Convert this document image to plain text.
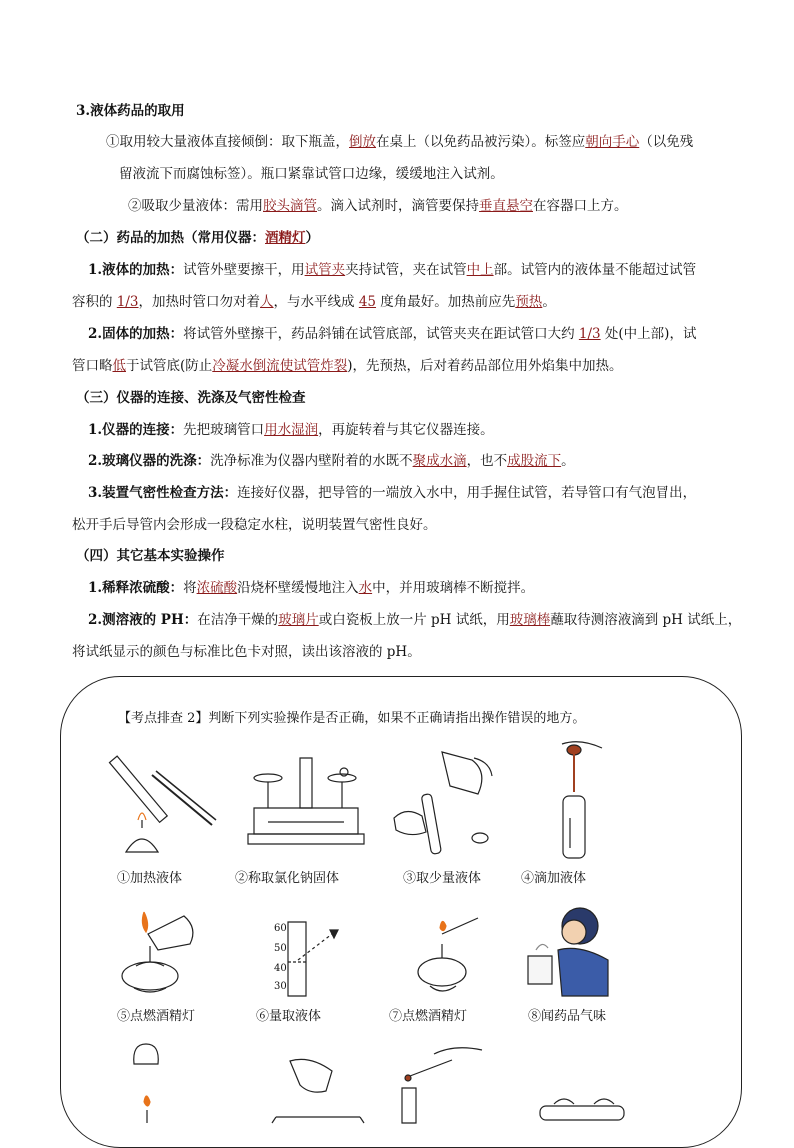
3.液体药品的取用
①取用较大量液体直接倾倒：取下瓶盖，倒放在桌上（以免药品被污染）。标签应朝向手心（以免残
留液流下而腐蚀标签）。瓶口紧靠试管口边缘，缓缓地注入试剂。
②吸取少量液体：需用胶头滴管。滴入试剂时，滴管要保持垂直悬空在容器口上方。
（二）药品的加热（常用仪器：酒精灯）
1.液体的加热：试管外壁要擦干，用试管夹夹持试管，夹在试管中上部。试管内的液体量不能超过试管
容积的 1/3，加热时管口勿对着人，与水平线成 45 度角最好。加热前应先预热。
2.固体的加热：将试管外壁擦干，药品斜铺在试管底部，试管夹夹在距试管口大约 1/3 处(中上部)，试
管口略低于试管底(防止冷凝水倒流使试管炸裂)，先预热，后对着药品部位用外焰集中加热。
（三）仪器的连接、洗涤及气密性检查
1.仪器的连接：先把玻璃管口用水湿润，再旋转着与其它仪器连接。
2.玻璃仪器的洗涤：洗净标准为仪器内壁附着的水既不聚成水滴，也不成股流下。
3.装置气密性检查方法：连接好仪器，把导管的一端放入水中，用手握住试管，若导管口有气泡冒出，
松开手后导管内会形成一段稳定水柱，说明装置气密性良好。
（四）其它基本实验操作
1.稀释浓硫酸：将浓硫酸沿烧杯壁缓慢地注入水中，并用玻璃棒不断搅拌。
2.测溶液的 PH：在洁净干燥的玻璃片或白瓷板上放一片 pH 试纸，用玻璃棒蘸取待测溶液滴到 pH 试纸上，
将试纸显示的颜色与标准比色卡对照，读出该溶液的 pH。
【考点排查 2】判断下列实验操作是否正确，如果不正确请指出操作错误的地方。
①加热液体	②称取氯化钠固体	③取少量液体	④滴加液体
60
50
40
30
⑤点燃酒精灯	⑥量取液体	⑦点燃酒精灯	⑧闻药品气味
